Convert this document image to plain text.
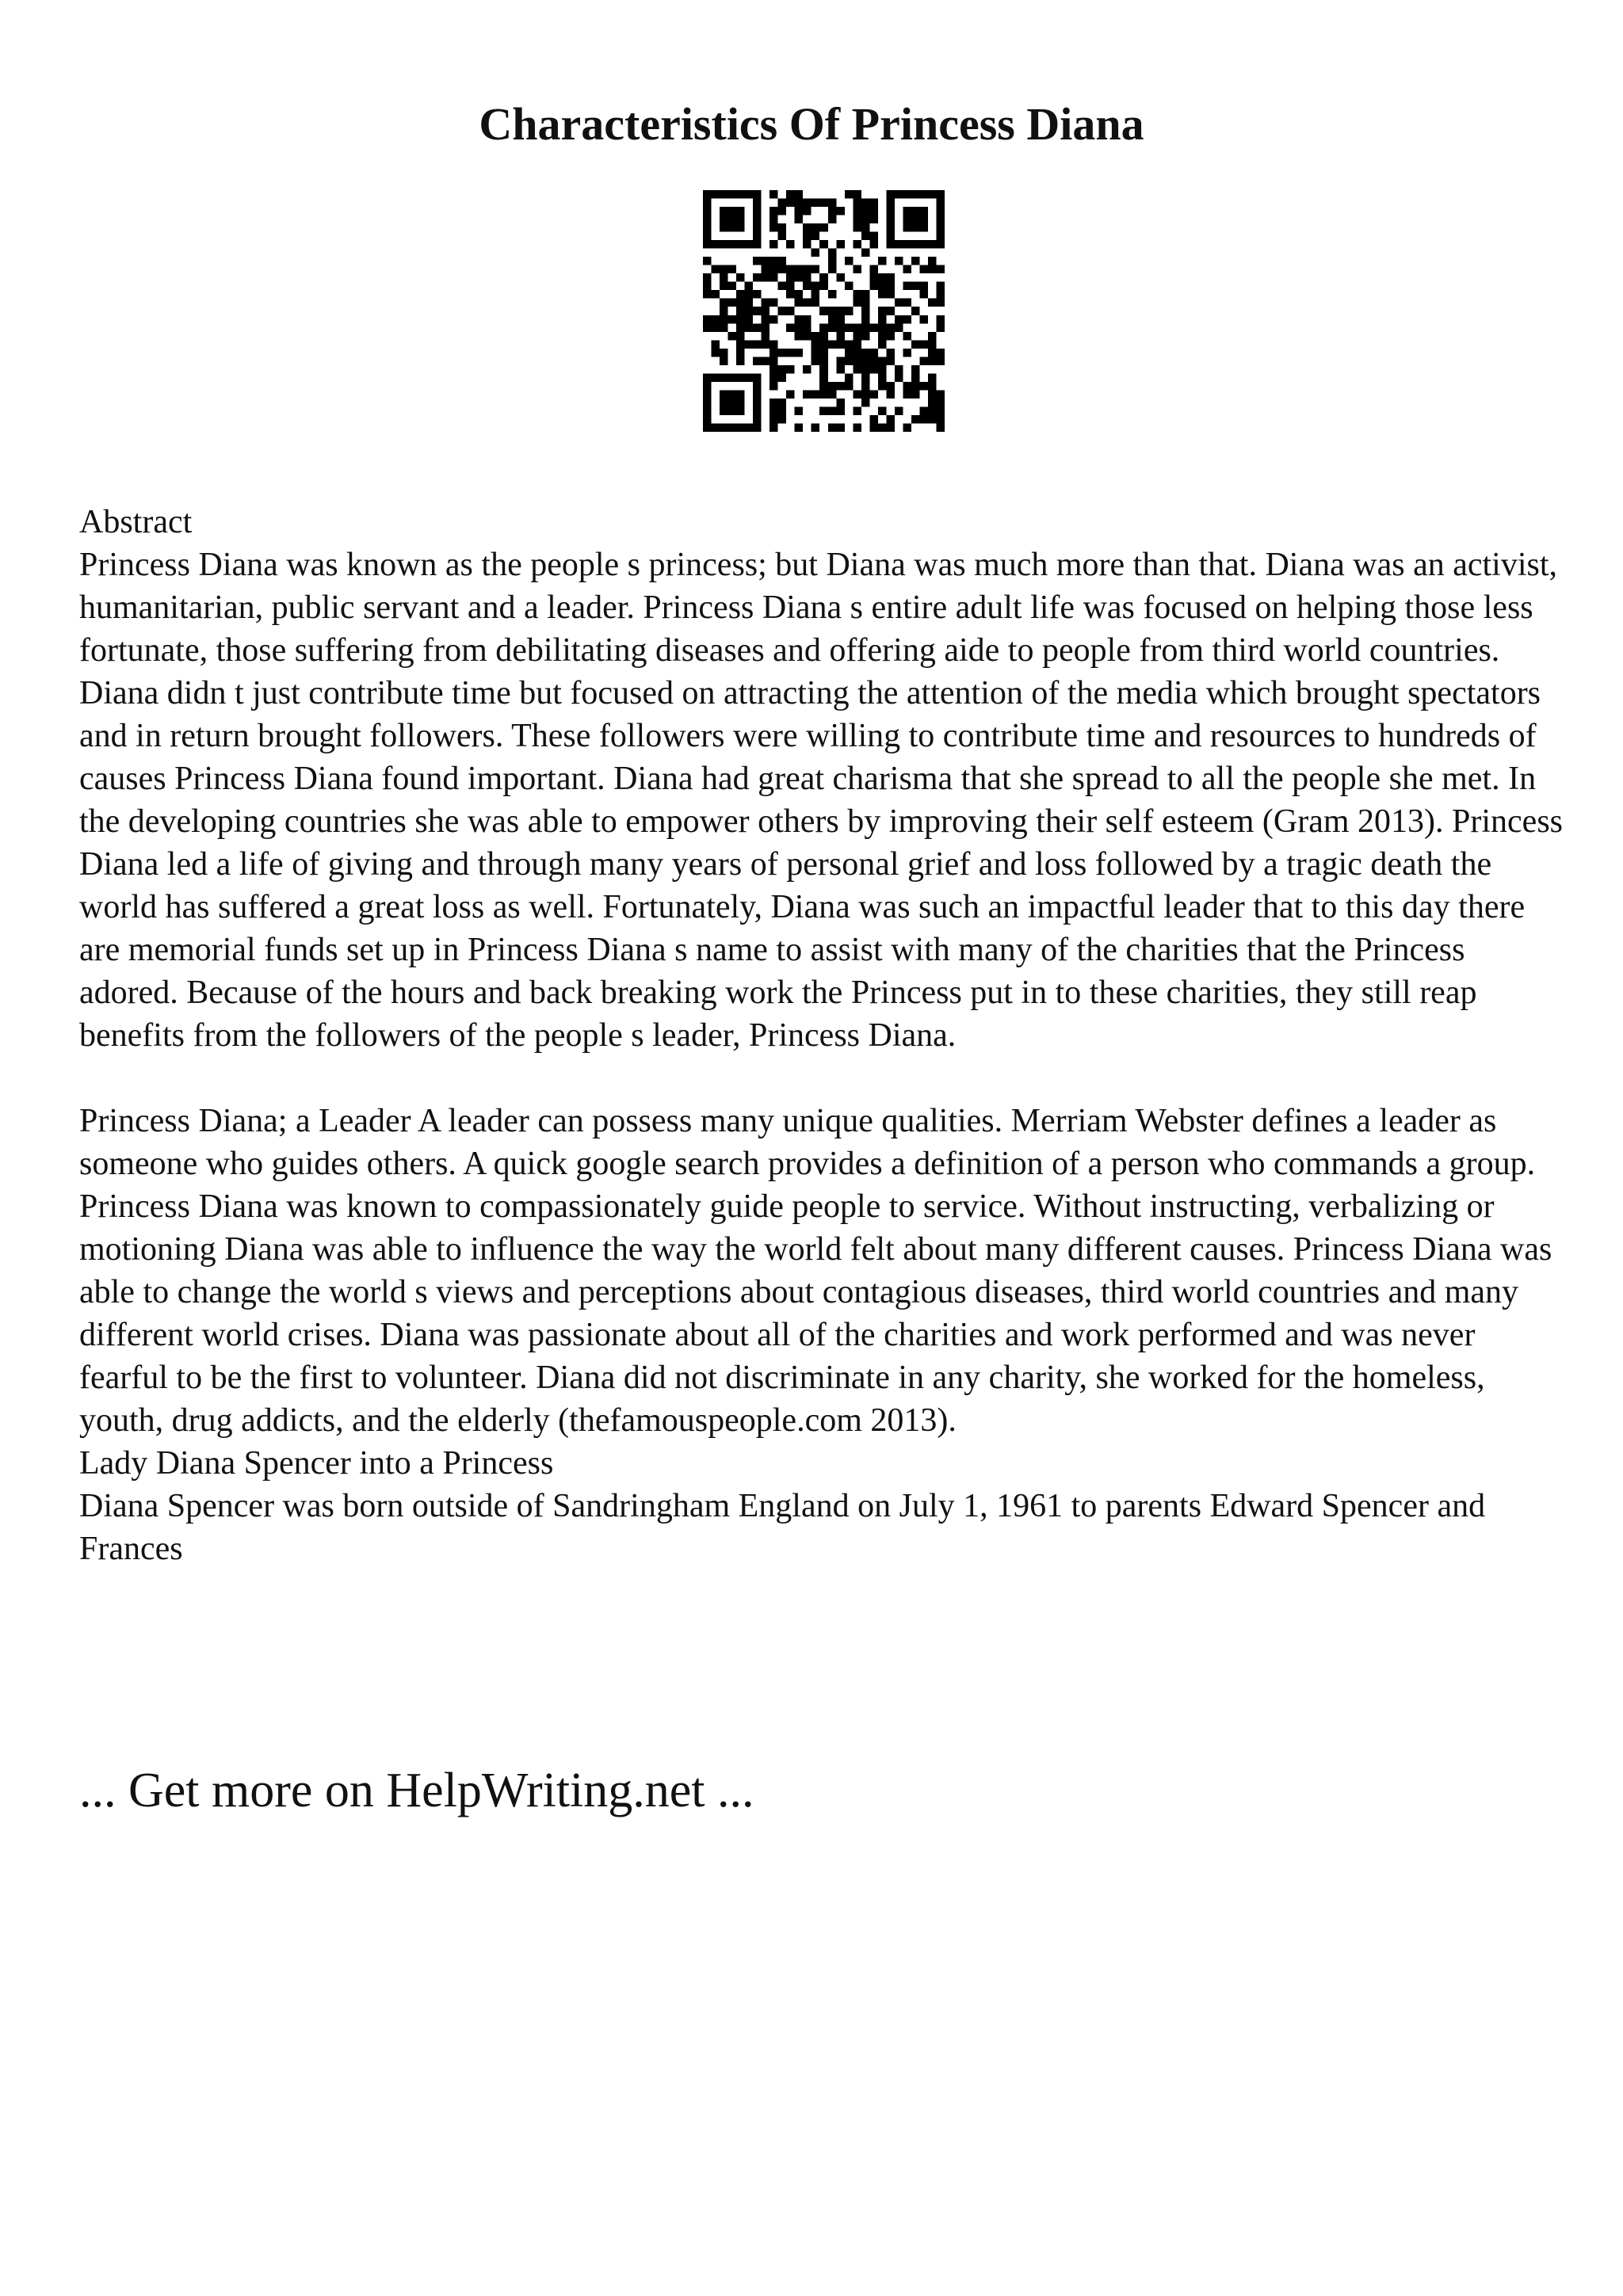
Characteristics Of Princess Diana

Abstract

Princess Diana was known as the people s princess; but Diana was much more than that. Diana was an activist, humanitarian, public servant and a leader. Princess Diana s entire adult life was focused on helping those less fortunate, those suffering from debilitating diseases and offering aide to people from third world countries. Diana didn t just contribute time but focused on attracting the attention of the media which brought spectators and in return brought followers. These followers were willing to contribute time and resources to hundreds of causes Princess Diana found important. Diana had great charisma that she spread to all the people she met. In the developing countries she was able to empower others by improving their self esteem (Gram 2013). Princess Diana led a life of giving and through many years of personal grief and loss followed by a tragic death the world has suffered a great loss as well. Fortunately, Diana was such an impactful leader that to this day there are memorial funds set up in Princess Diana s name to assist with many of the charities that the Princess adored. Because of the hours and back breaking work the Princess put in to these charities, they still reap benefits from the followers of the people s leader, Princess Diana.

Princess Diana; a Leader A leader can possess many unique qualities. Merriam Webster defines a leader as someone who guides others. A quick google search provides a definition of a person who commands a group. Princess Diana was known to compassionately guide people to service. Without instructing, verbalizing or motioning Diana was able to influence the way the world felt about many different causes. Princess Diana was able to change the world s views and perceptions about contagious diseases, third world countries and many different world crises. Diana was passionate about all of the charities and work performed and was never fearful to be the first to volunteer. Diana did not discriminate in any charity, she worked for the homeless, youth, drug addicts, and the elderly (thefamouspeople.com 2013).

Lady Diana Spencer into a Princess

Diana Spencer was born outside of Sandringham England on July 1, 1961 to parents Edward Spencer and Frances

... Get more on HelpWriting.net ...
